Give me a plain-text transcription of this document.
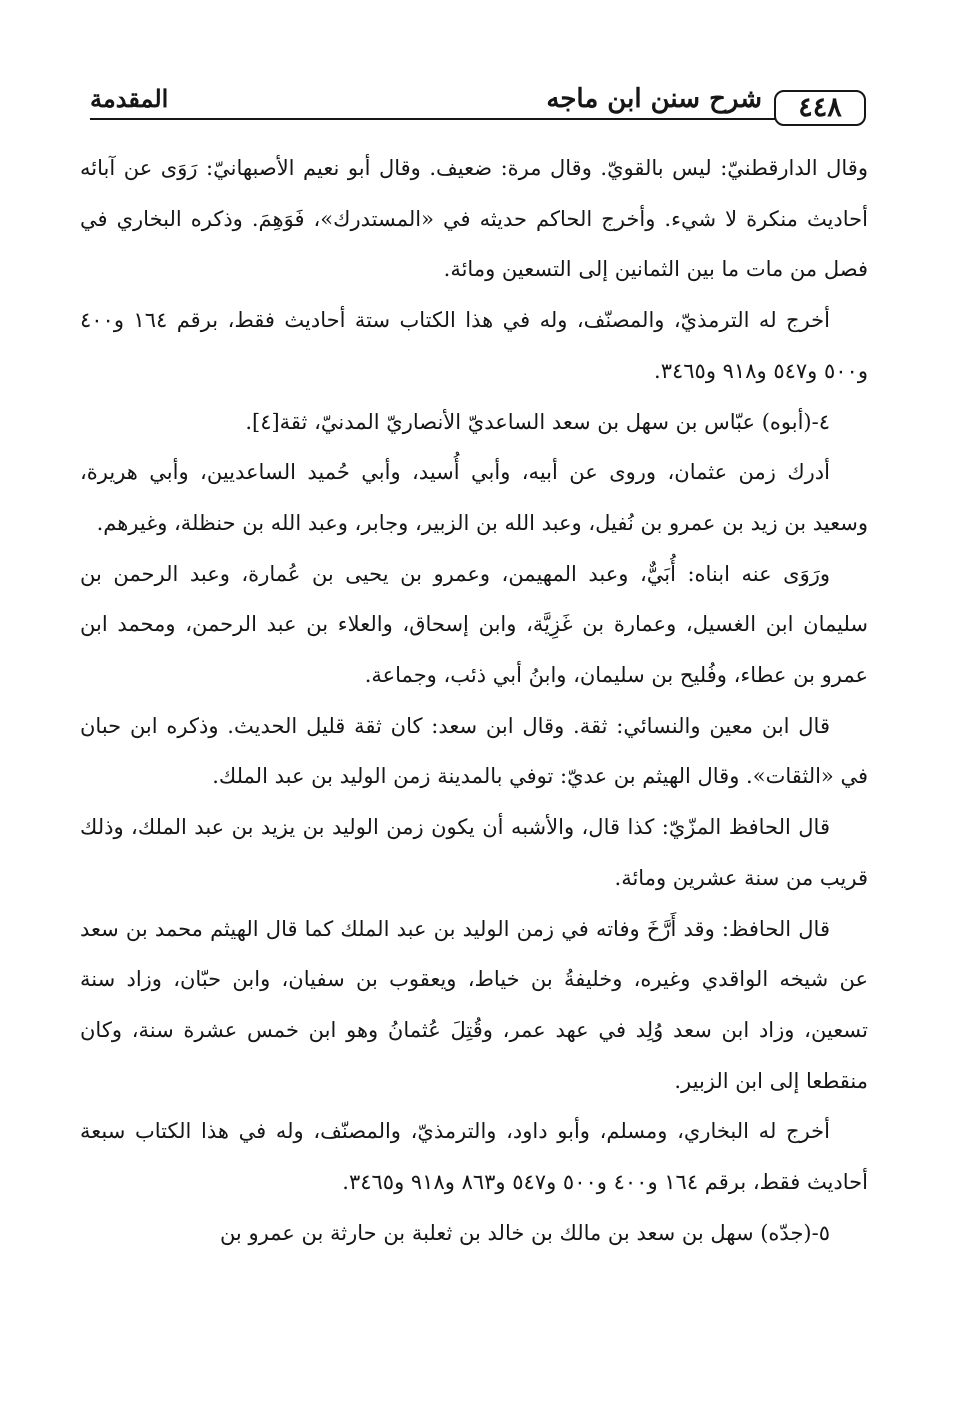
المقدمة	شرح سنن ابن ماجه	٤٤٨

وقال الدارقطنيّ: ليس بالقويّ. وقال مرة: ضعيف. وقال أبو نعيم الأصبهانيّ: رَوَى عن آبائه أحاديث منكرة لا شيء. وأخرج الحاكم حديثه في «المستدرك»، فَوَهِمَ. وذكره البخاري في فصل من مات ما بين الثمانين إلى التسعين ومائة.

أخرج له الترمذيّ، والمصنّف، وله في هذا الكتاب ستة أحاديث فقط، برقم ١٦٤ و٤٠٠ و٥٠٠ و٥٤٧ و٩١٨ و٣٤٦٥.

٤-(أبوه) عبّاس بن سهل بن سعد الساعديّ الأنصاريّ المدنيّ، ثقة[٤].

أدرك زمن عثمان، وروى عن أبيه، وأبي أُسيد، وأبي حُميد الساعديين، وأبي هريرة، وسعيد بن زيد بن عمرو بن نُفيل، وعبد الله بن الزبير، وجابر، وعبد الله بن حنظلة، وغيرهم.

ورَوَى عنه ابناه: أُبَيٌّ، وعبد المهيمن، وعمرو بن يحيى بن عُمارة، وعبد الرحمن بن سليمان ابن الغسيل، وعمارة بن غَزِيَّة، وابن إسحاق، والعلاء بن عبد الرحمن، ومحمد ابن عمرو بن عطاء، وفُليح بن سليمان، وابنُ أبي ذئب، وجماعة.

قال ابن معين والنسائي: ثقة. وقال ابن سعد: كان ثقة قليل الحديث. وذكره ابن حبان في «الثقات». وقال الهيثم بن عديّ: توفي بالمدينة زمن الوليد بن عبد الملك.

قال الحافظ المزّيّ: كذا قال، والأشبه أن يكون زمن الوليد بن يزيد بن عبد الملك، وذلك قريب من سنة عشرين ومائة.

قال الحافظ: وقد أَرَّخَ وفاته في زمن الوليد بن عبد الملك كما قال الهيثم محمد بن سعد عن شيخه الواقدي وغيره، وخليفةُ بن خياط، ويعقوب بن سفيان، وابن حبّان، وزاد سنة تسعين، وزاد ابن سعد وُلِد في عهد عمر، وقُتِلَ عُثمانُ وهو ابن خمس عشرة سنة، وكان منقطعا إلى ابن الزبير.

أخرج له البخاري، ومسلم، وأبو داود، والترمذيّ، والمصنّف، وله في هذا الكتاب سبعة أحاديث فقط، برقم ١٦٤ و٤٠٠ و٥٠٠ و٥٤٧ و٨٦٣ و٩١٨ و٣٤٦٥.

٥-(جدّه) سهل بن سعد بن مالك بن خالد بن ثعلبة بن حارثة بن عمرو بن
